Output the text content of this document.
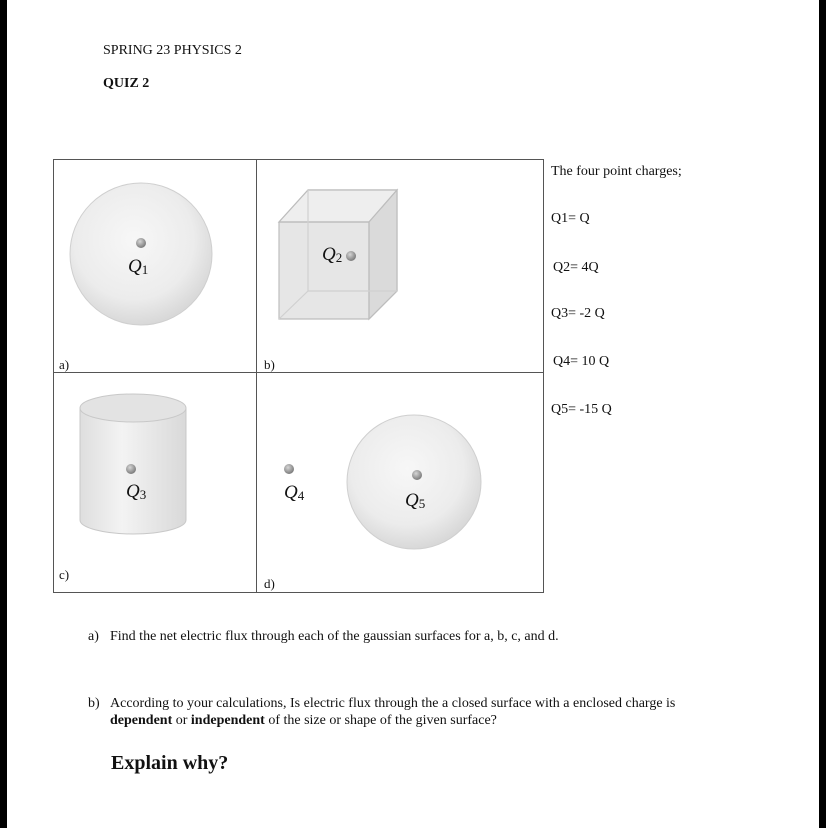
SPRING 23 PHYSICS 2
QUIZ 2
$Q_1$
$Q_2$
$Q_3$	$Q_4$	$Q_5$
a)	b)
c)
d)
The four point charges;
Q1= Q
Q2= 4Q
Q3= -2 Q
Q4= 10 Q
Q5= -15 Q
a) Find the net electric flux through each of the gaussian surfaces for a, b, c, and d.
b) According to your calculations, Is electric flux through the a closed surface with a enclosed charge is dependent or independent of the size or shape of the given surface?
Explain why?
